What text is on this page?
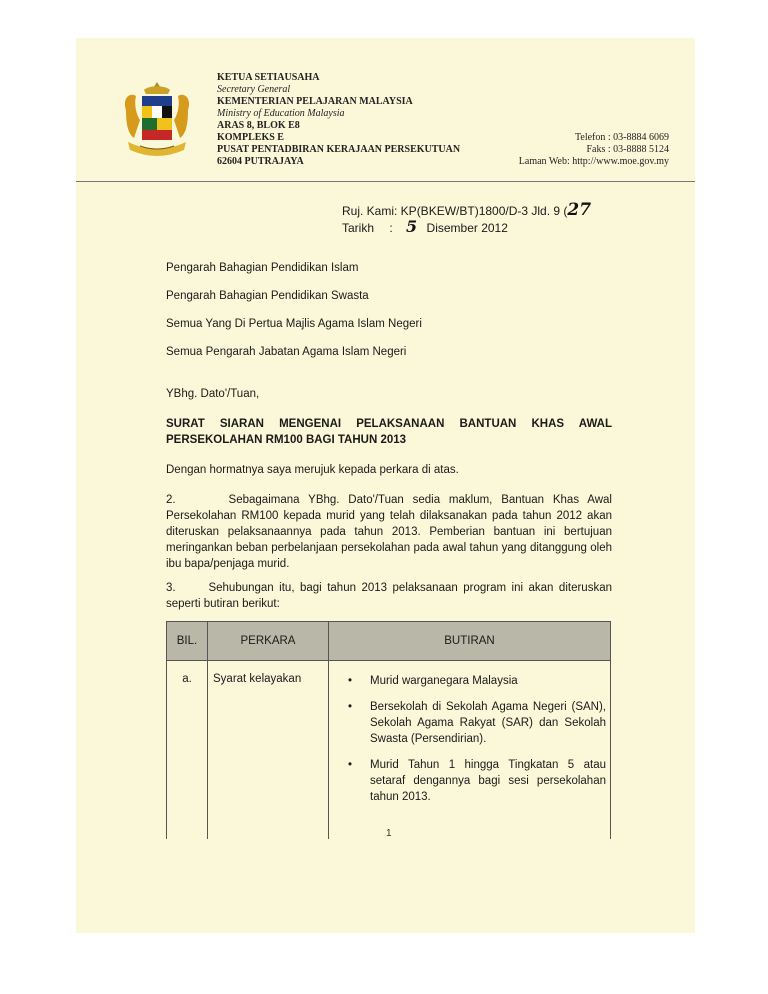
KETUA SETIAUSAHA
Secretary General
KEMENTERIAN PELAJARAN MALAYSIA
Ministry of Education Malaysia
ARAS 8, BLOK E8
KOMPLEKS E
PUSAT PENTADBIRAN KERAJAAN PERSEKUTUAN
62604 PUTRAJAYA
Telefon : 03-8884 6069
Faks : 03-8888 5124
Laman Web: http://www.moe.gov.my
Ruj. Kami: KP(BKEW/BT)1800/D-3 Jld. 9 (27
Tarikh : 5 Disember 2012
Pengarah Bahagian Pendidikan Islam
Pengarah Bahagian Pendidikan Swasta
Semua Yang Di Pertua Majlis Agama Islam Negeri
Semua Pengarah Jabatan Agama Islam Negeri
YBhg. Dato'/Tuan,
SURAT SIARAN MENGENAI PELAKSANAAN BANTUAN KHAS AWAL PERSEKOLAHAN RM100 BAGI TAHUN 2013
Dengan hormatnya saya merujuk kepada perkara di atas.
2.      Sebagaimana YBhg. Dato'/Tuan sedia maklum, Bantuan Khas Awal Persekolahan RM100 kepada murid yang telah dilaksanakan pada tahun 2012 akan diteruskan pelaksanaannya pada tahun 2013. Pemberian bantuan ini bertujuan meringankan beban perbelanjaan persekolahan pada awal tahun yang ditanggung oleh ibu bapa/penjaga murid.
3.      Sehubungan itu, bagi tahun 2013 pelaksanaan program ini akan diteruskan seperti butiran berikut:
BIL.	PERKARA	BUTIRAN
a.	Syarat kelayakan	• Murid warganegara Malaysia
• Bersekolah di Sekolah Agama Negeri (SAN), Sekolah Agama Rakyat (SAR) dan Sekolah Swasta (Persendirian).
• Murid Tahun 1 hingga Tingkatan 5 atau setaraf dengannya bagi sesi persekolahan tahun 2013.
1
